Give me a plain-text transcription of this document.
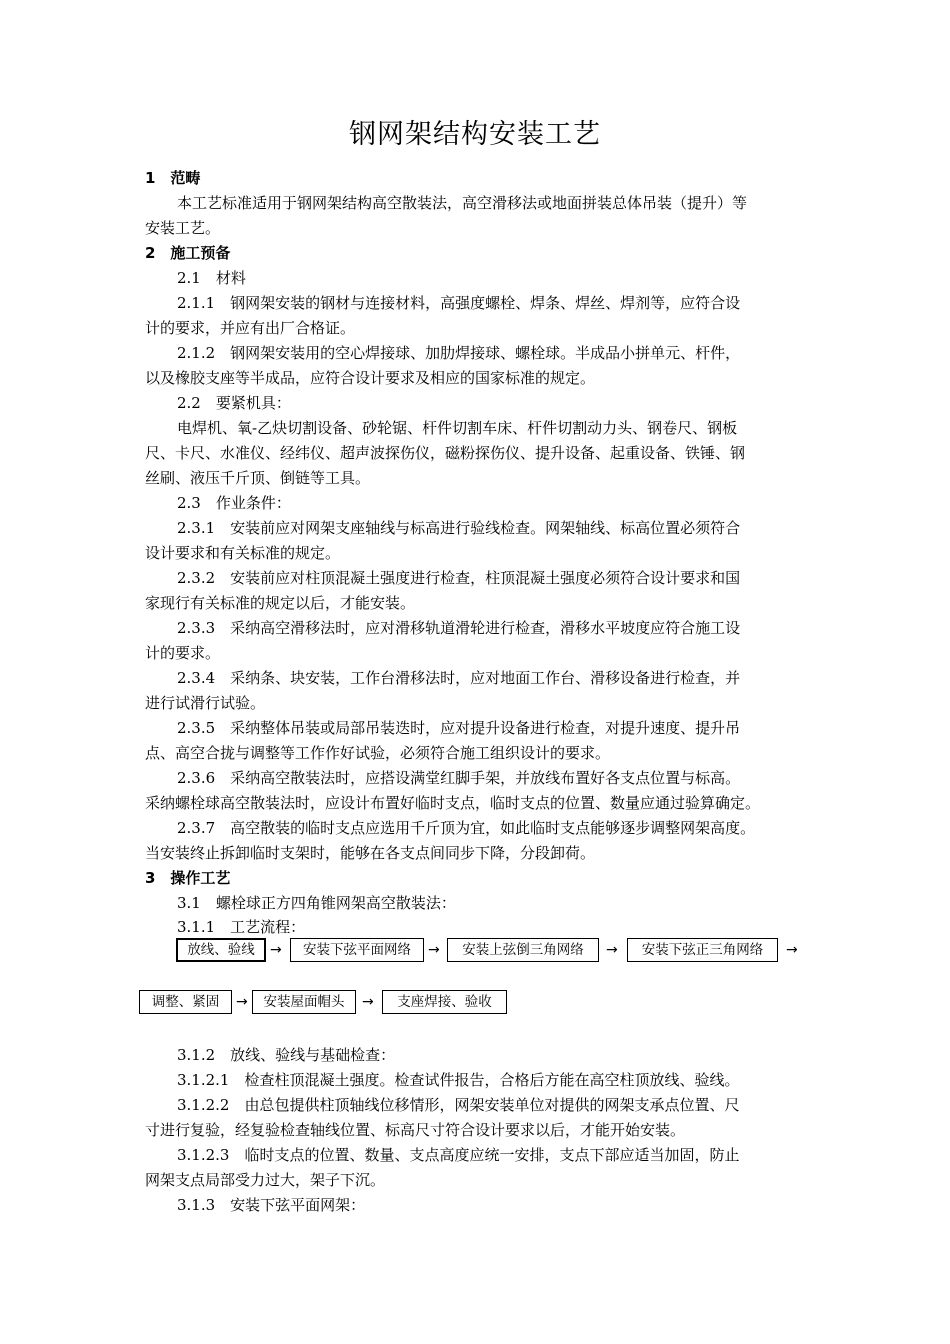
钢网架结构安装工艺
1　范畴
本工艺标准适用于钢网架结构高空散装法，高空滑移法或地面拼装总体吊装（提升）等
安装工艺。
2　施工预备
2.1　材料
2.1.1　钢网架安装的钢材与连接材料，高强度螺栓、焊条、焊丝、焊剂等，应符合设
计的要求，并应有出厂合格证。
2.1.2　钢网架安装用的空心焊接球、加肋焊接球、螺栓球。半成品小拼单元、杆件，
以及橡胶支座等半成品，应符合设计要求及相应的国家标准的规定。
2.2　要紧机具：
电焊机、氧-乙炔切割设备、砂轮锯、杆件切割车床、杆件切割动力头、钢卷尺、钢板
尺、卡尺、水准仪、经纬仪、超声波探伤仪，磁粉探伤仪、提升设备、起重设备、铁锤、钢
丝刷、液压千斤顶、倒链等工具。
2.3　作业条件：
2.3.1　安装前应对网架支座轴线与标高进行验线检查。网架轴线、标高位置必须符合
设计要求和有关标准的规定。
2.3.2　安装前应对柱顶混凝土强度进行检查，柱顶混凝土强度必须符合设计要求和国
家现行有关标准的规定以后，才能安装。
2.3.3　采纳高空滑移法时，应对滑移轨道滑轮进行检查，滑移水平坡度应符合施工设
计的要求。
2.3.4　采纳条、块安装，工作台滑移法时，应对地面工作台、滑移设备进行检查，并
进行试滑行试验。
2.3.5　采纳整体吊装或局部吊装迭时，应对提升设备进行检查，对提升速度、提升吊
点、高空合拢与调整等工作作好试验，必须符合施工组织设计的要求。
2.3.6　采纳高空散装法时，应搭设满堂红脚手架，并放线布置好各支点位置与标高。
采纳螺栓球高空散装法时，应设计布置好临时支点，临时支点的位置、数量应通过验算确定。
2.3.7　高空散装的临时支点应选用千斤顶为宜，如此临时支点能够逐步调整网架高度。
当安装终止拆卸临时支架时，能够在各支点间同步下降，分段卸荷。
3　操作工艺
3.1　螺栓球正方四角锥网架高空散装法：
3.1.1　工艺流程：
放线、验线	→	安装下弦平面网络	→	安装上弦倒三角网络	→	安装下弦正三角网络	→
调整、紧固	→	安装屋面帽头	→	支座焊接、验收
3.1.2　放线、验线与基础检查：
3.1.2.1　检查柱顶混凝土强度。检查试件报告，合格后方能在高空柱顶放线、验线。
3.1.2.2　由总包提供柱顶轴线位移情形，网架安装单位对提供的网架支承点位置、尺
寸进行复验，经复验检查轴线位置、标高尺寸符合设计要求以后，才能开始安装。
3.1.2.3　临时支点的位置、数量、支点高度应统一安排，支点下部应适当加固，防止
网架支点局部受力过大，架子下沉。
3.1.3　安装下弦平面网架：
